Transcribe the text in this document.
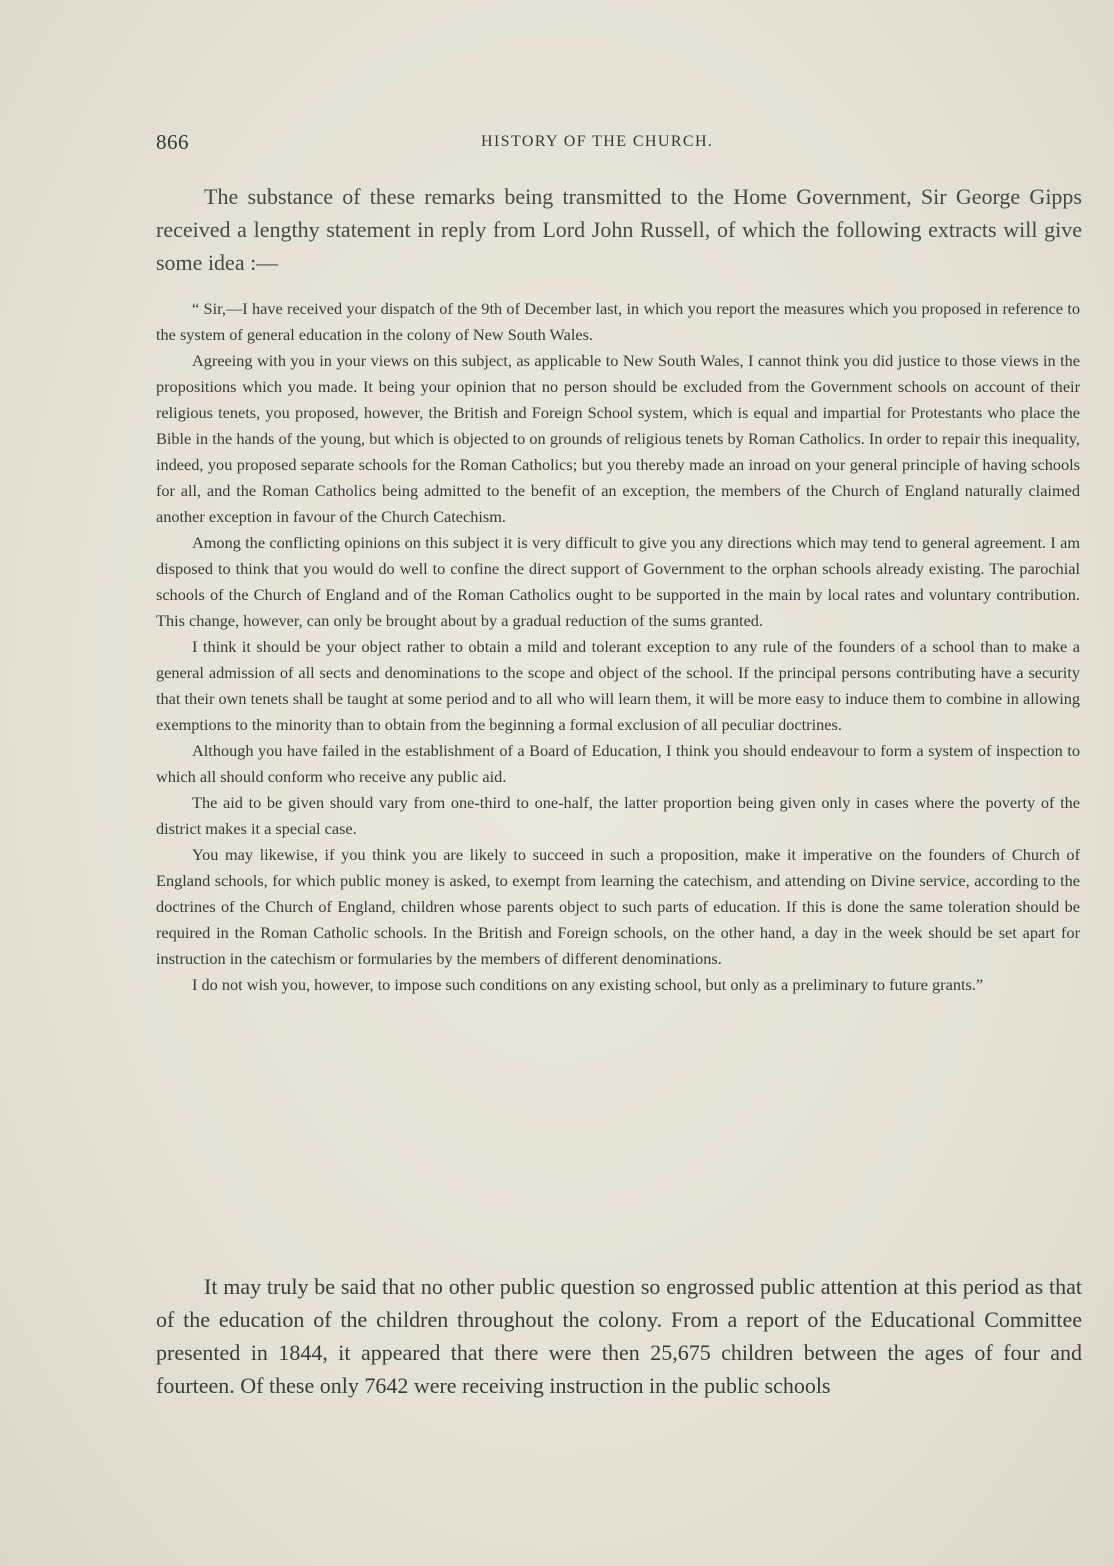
866	HISTORY OF THE CHURCH.

The substance of these remarks being transmitted to the Home Government, Sir George Gipps received a lengthy statement in reply from Lord John Russell, of which the following extracts will give some idea :—

“ Sir,—I have received your dispatch of the 9th of December last, in which you report the measures which you proposed in reference to the system of general education in the colony of New South Wales.

Agreeing with you in your views on this subject, as applicable to New South Wales, I cannot think you did justice to those views in the propositions which you made. It being your opinion that no person should be excluded from the Government schools on account of their religious tenets, you proposed, however, the British and Foreign School system, which is equal and impartial for Protestants who place the Bible in the hands of the young, but which is objected to on grounds of religious tenets by Roman Catholics. In order to repair this inequality, indeed, you proposed separate schools for the Roman Catholics; but you thereby made an inroad on your general principle of having schools for all, and the Roman Catholics being admitted to the benefit of an exception, the members of the Church of England naturally claimed another exception in favour of the Church Catechism.

Among the conflicting opinions on this subject it is very difficult to give you any directions which may tend to general agreement. I am disposed to think that you would do well to confine the direct support of Government to the orphan schools already existing. The parochial schools of the Church of England and of the Roman Catholics ought to be supported in the main by local rates and voluntary contribution. This change, however, can only be brought about by a gradual reduction of the sums granted.

I think it should be your object rather to obtain a mild and tolerant exception to any rule of the founders of a school than to make a general admission of all sects and denominations to the scope and object of the school. If the principal persons contributing have a security that their own tenets shall be taught at some period and to all who will learn them, it will be more easy to induce them to combine in allowing exemptions to the minority than to obtain from the beginning a formal exclusion of all peculiar doctrines.

Although you have failed in the establishment of a Board of Education, I think you should endeavour to form a system of inspection to which all should conform who receive any public aid.

The aid to be given should vary from one-third to one-half, the latter proportion being given only in cases where the poverty of the district makes it a special case.

You may likewise, if you think you are likely to succeed in such a proposition, make it imperative on the founders of Church of England schools, for which public money is asked, to exempt from learning the catechism, and attending on Divine service, according to the doctrines of the Church of England, children whose parents object to such parts of education. If this is done the same toleration should be required in the Roman Catholic schools. In the British and Foreign schools, on the other hand, a day in the week should be set apart for instruction in the catechism or formularies by the members of different denominations.

I do not wish you, however, to impose such conditions on any existing school, but only as a preliminary to future grants.”

It may truly be said that no other public question so engrossed public attention at this period as that of the education of the children throughout the colony. From a report of the Educational Committee presented in 1844, it appeared that there were then 25,675 children between the ages of four and fourteen. Of these only 7642 were receiving instruction in the public schools
